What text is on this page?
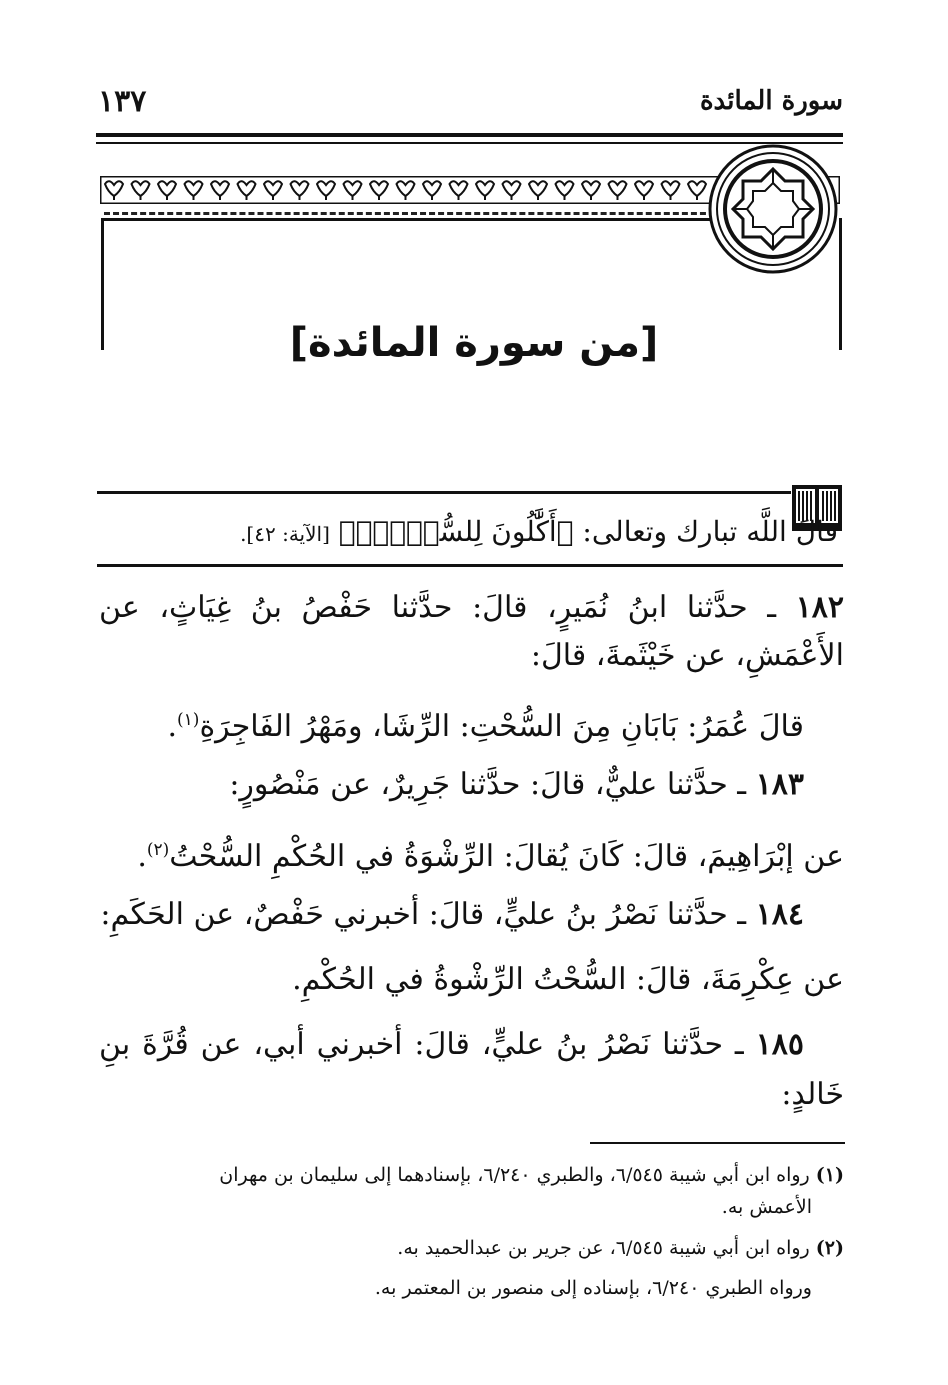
سورة المائدة
١٣٧
[من سورة المائدة]
قالَ اللَّه تبارك وتعالى: ﴿أَكَّٰلُونَ لِلسُّحۡتِۚ﴾ [الآية: ٤٢].
١٨٢ ـ حدَّثنا ابنُ نُمَيرٍ، قالَ: حدَّثنا حَفْصُ بنُ غِيَاثٍ، عن
الأَعْمَشِ، عن خَيْثَمةَ، قالَ:
قالَ عُمَرُ: بَابَانِ مِنَ السُّحْتِ: الرِّشَا، ومَهْرُ الفَاجِرَةِ$^{(١)}$.
١٨٣ ـ حدَّثنا عليٌّ، قالَ: حدَّثنا جَرِيرٌ، عن مَنْصُورٍ:
عن إبْرَاهِيمَ، قالَ: كَانَ يُقالَ: الرِّشْوَةُ في الحُكْمِ السُّحْتُ$^{(٢)}$.
١٨٤ ـ حدَّثنا نَصْرُ بنُ عليٍّ، قالَ: أخبرني حَفْصٌ، عن الحَكَمِ:
عن عِكْرِمَةَ، قالَ: السُّحْتُ الرِّشْوةُ في الحُكْمِ.
١٨٥ ـ حدَّثنا نَصْرُ بنُ عليٍّ، قالَ: أخبرني أبي، عن قُرَّةَ بنِ
خَالدٍ:
(١) رواه ابن أبي شيبة ٦/٥٤٥، والطبري ٦/٢٤٠، بإسنادهما إلى سليمان بن مهران
الأعمش به.
(٢) رواه ابن أبي شيبة ٦/٥٤٥، عن جرير بن عبدالحميد به.
ورواه الطبري ٦/٢٤٠، بإسناده إلى منصور بن المعتمر به.
